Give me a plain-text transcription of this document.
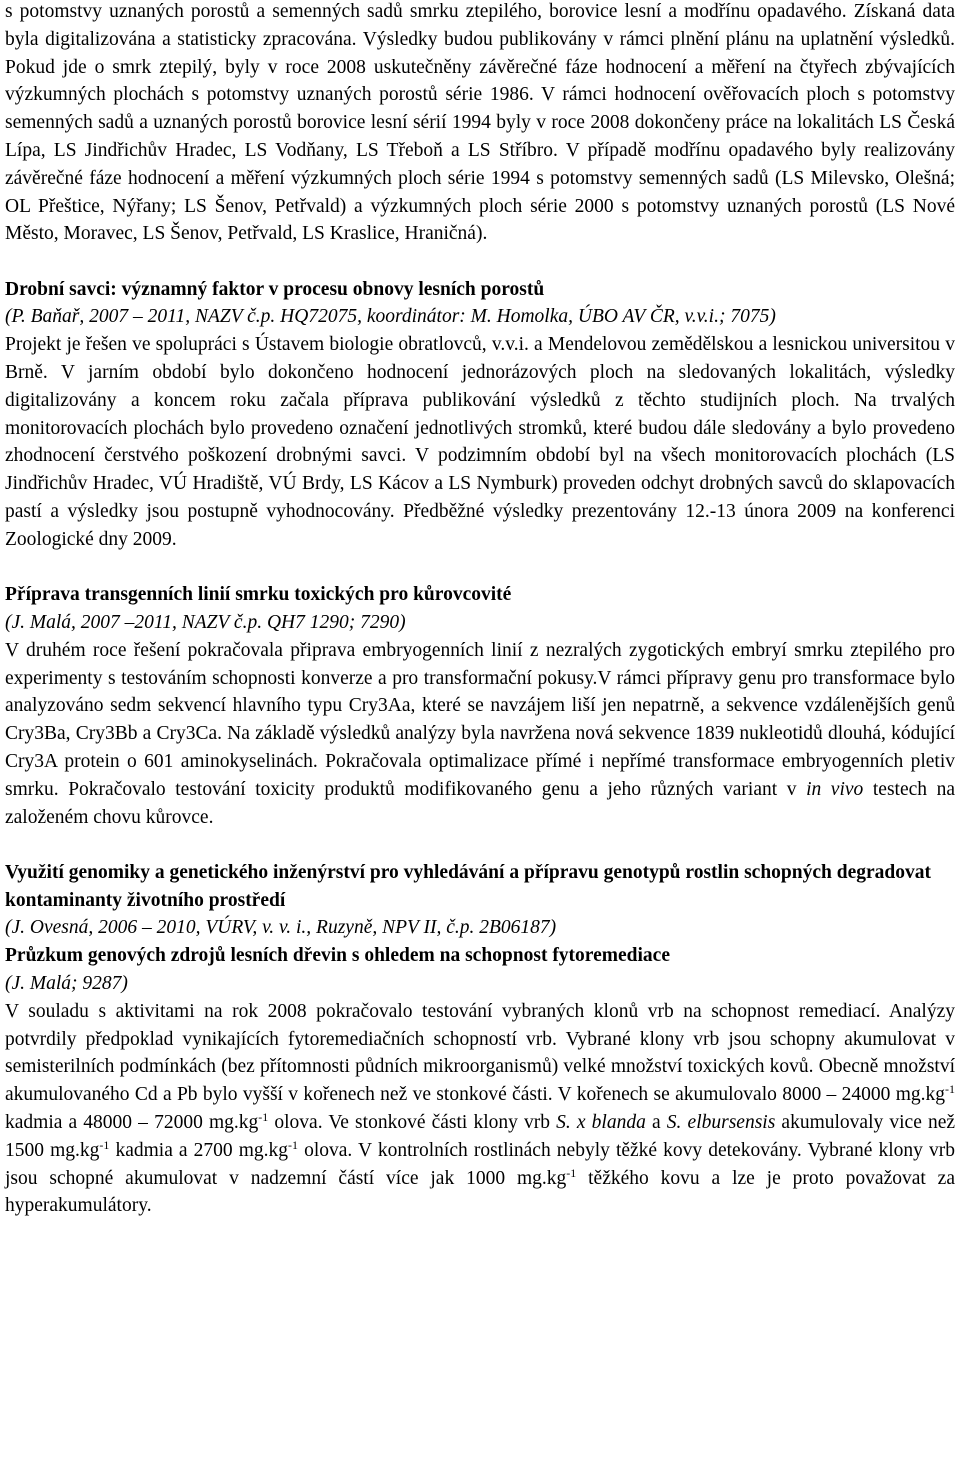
s potomstvy uznaných porostů a semenných sadů smrku ztepilého, borovice lesní a modřínu opadavého. Získaná data byla digitalizována a statisticky zpracována. Výsledky budou publikovány v rámci plnění plánu na uplatnění výsledků. Pokud jde o smrk ztepilý, byly v roce 2008 uskutečněny závěrečné fáze hodnocení a měření na čtyřech zbývajících výzkumných plochách s potomstvy uznaných porostů série 1986. V rámci hodnocení ověřovacích ploch s potomstvy semenných sadů a uznaných porostů borovice lesní sérií 1994 byly v roce 2008 dokončeny práce na lokalitách LS Česká Lípa, LS Jindřichův Hradec, LS Vodňany, LS Třeboň a LS Stříbro. V případě modřínu opadavého byly realizovány závěrečné fáze hodnocení a měření výzkumných ploch série 1994 s potomstvy semenných sadů (LS Milevsko, Olešná; OL Přeštice, Nýřany; LS Šenov, Petřvald) a výzkumných ploch série 2000 s potomstvy uznaných porostů (LS Nové Město, Moravec, LS Šenov, Petřvald, LS Kraslice, Hraničná).

Drobní savci: významný faktor v procesu obnovy lesních porostů

(P. Baňař, 2007 – 2011, NAZV č.p. HQ72075, koordinátor: M. Homolka, ÚBO AV ČR, v.v.i.; 7075)

Projekt je řešen ve spolupráci s Ústavem biologie obratlovců, v.v.i. a Mendelovou zemědělskou a lesnickou universitou v Brně. V jarním období bylo dokončeno hodnocení jednorázových ploch na sledovaných lokalitách, výsledky digitalizovány a koncem roku začala příprava publikování výsledků z těchto studijních ploch. Na trvalých monitorovacích plochách bylo provedeno označení jednotlivých stromků, které budou dále sledovány a bylo provedeno zhodnocení čerstvého poškození drobnými savci. V podzimním období byl na všech monitorovacích plochách (LS Jindřichův Hradec, VÚ Hradiště, VÚ Brdy, LS Kácov a LS Nymburk) proveden odchyt drobných savců do sklapovacích pastí a výsledky jsou postupně vyhodnocovány. Předběžné výsledky prezentovány 12.-13 února 2009 na konferenci Zoologické dny 2009.

Příprava transgenních linií smrku toxických pro kůrovcovité

(J. Malá, 2007 –2011, NAZV č.p. QH7 1290; 7290)

V druhém roce řešení pokračovala připrava embryogenních linií z nezralých zygotických embryí smrku ztepilého pro experimenty s testováním schopnosti konverze a pro transformační pokusy.V rámci přípravy genu pro transformace bylo analyzováno sedm sekvencí hlavního typu Cry3Aa, které se navzájem liší jen nepatrně, a sekvence vzdálenějších genů Cry3Ba, Cry3Bb a Cry3Ca. Na základě výsledků analýzy byla navržena nová sekvence 1839 nukleotidů dlouhá, kódující Cry3A protein o 601 aminokyselinách. Pokračovala optimalizace přímé i nepřímé transformace embryogenních pletiv smrku. Pokračovalo testování toxicity produktů modifikovaného genu a jeho různých variant v in vivo testech na založeném chovu kůrovce.

Využití genomiky a genetického inženýrství pro vyhledávání a přípravu genotypů rostlin schopných degradovat kontaminanty životního prostředí

(J. Ovesná, 2006 – 2010, VÚRV, v. v. i., Ruzyně, NPV II, č.p. 2B06187)

Průzkum genových zdrojů lesních dřevin s ohledem na schopnost fytoremediace

(J. Malá; 9287)

V souladu s aktivitami na rok 2008 pokračovalo testování vybraných klonů vrb na schopnost remediací. Analýzy potvrdily předpoklad vynikajících fytoremediačních schopností vrb. Vybrané klony vrb jsou schopny akumulovat v semisterilních podmínkách (bez přítomnosti půdních mikroorganismů) velké množství toxických kovů. Obecně množství akumulovaného Cd a Pb bylo vyšší v kořenech než ve stonkové části. V kořenech se akumulovalo 8000 – 24000 $mg.kg^{-1}$ kadmia a 48000 – 72000 $mg.kg^{-1}$ olova. Ve stonkové části klony vrb S. x blanda a S. elbursensis akumulovaly vice než 1500 $mg.kg^{-1}$ kadmia a 2700 $mg.kg^{-1}$ olova. V kontrolních rostlinách nebyly těžké kovy detekovány. Vybrané klony vrb jsou schopné akumulovat v nadzemní částí více jak 1000 $mg.kg^{-1}$ těžkého kovu a lze je proto považovat za hyperakumulátory.
